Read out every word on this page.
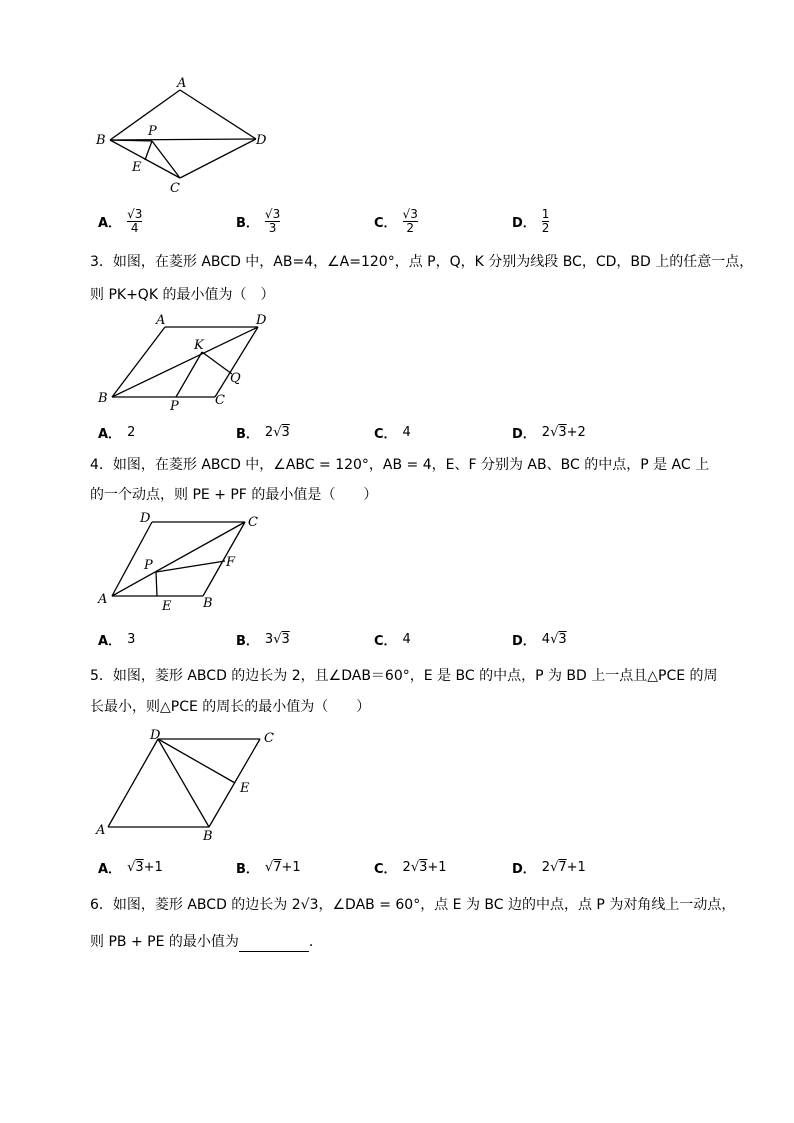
A
B	D
P
E
C
A． $\frac{√3}{4}$	B． $\frac{√3}{3}$	C． $\frac{√3}{2}$	D． $\frac{1}{2}$
3．如图，在菱形 ABCD 中，AB=4，∠A=120°，点 P，Q，K 分别为线段 BC，CD，BD 上的任意一点，
则 PK+QK 的最小值为（　）
A	D
K
Q
B
P	C
A． 2	B． 2 √ 3	C． 4	D． 2 √ 3 +2
4．如图，在菱形 ABCD 中，∠ABC = 120°，AB = 4，E、F 分别为 AB、BC 的中点，P 是 AC 上
的一个动点，则 PE + PF 的最小值是（　　）
D	C
P	F
A	E B
A． 3	B． 3 √ 3	C． 4	D． 4 √ 3
5．如图，菱形 ABCD 的边长为 2，且∠DAB＝60°，E 是 BC 的中点，P 为 BD 上一点且△PCE 的周
长最小，则△PCE 的周长的最小值为（　　）
D	C
E
A	B
A． √ 3 +1	B． √ 7 +1	C． 2 √ 3 +1	D． 2 √ 7 +1
6．如图，菱形 ABCD 的边长为 2√3，∠DAB = 60°，点 E 为 BC 边的中点，点 P 为对角线上一动点，
则 PB + PE 的最小值为	．
